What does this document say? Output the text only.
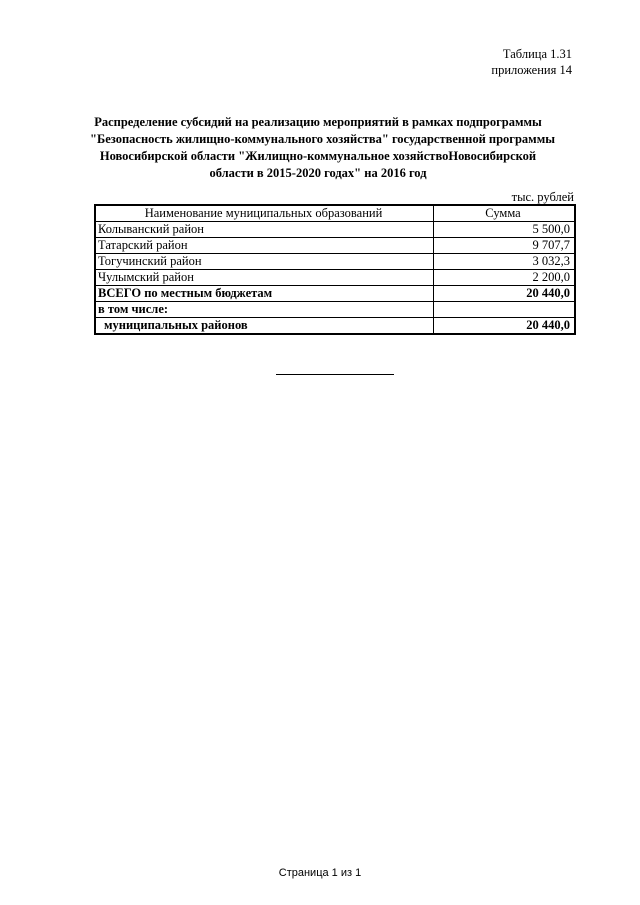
Таблица 1.31
приложения 14
Распределение субсидий на реализацию мероприятий в рамках подпрограммы
"Безопасность жилищно-коммунального хозяйства" государственной программы
Новосибирской области "Жилищно-коммунальное хозяйствоНовосибирской
области в 2015-2020 годах" на 2016 год
тыс. рублей
Наименование муниципальных образований	Сумма
Колыванский район	5 500,0
Татарский район	9 707,7
Тогучинский район	3 032,3
Чулымский район	2 200,0
ВСЕГО по местным бюджетам	20 440,0
в том числе:	
муниципальных районов	20 440,0
Страница 1 из 1
